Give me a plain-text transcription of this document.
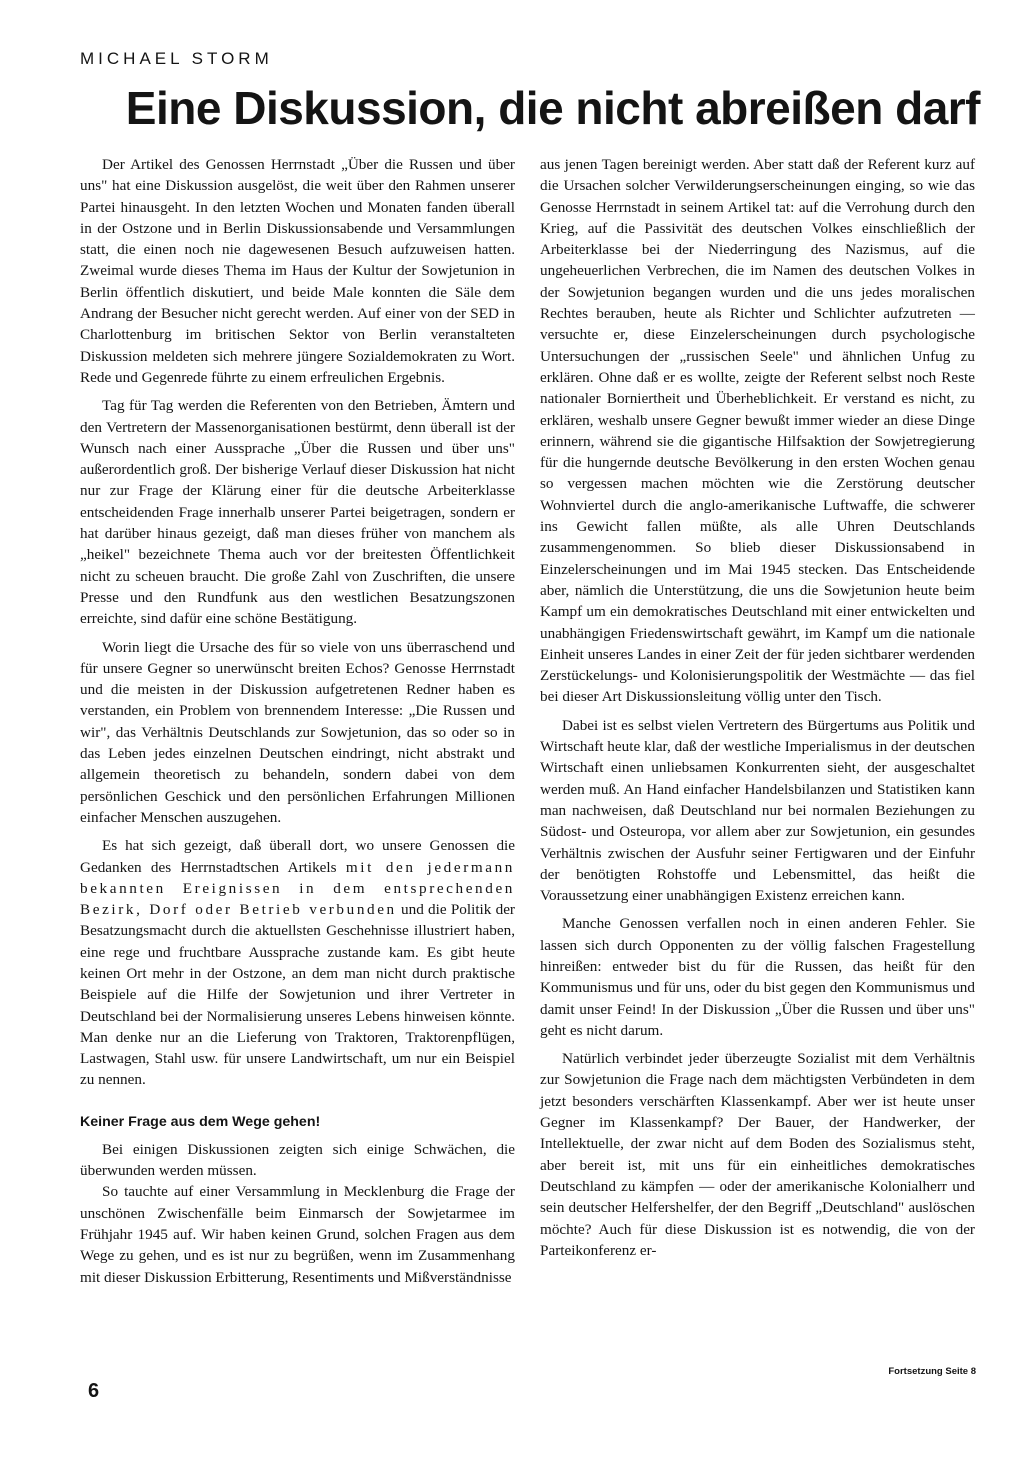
MICHAEL STORM
Eine Diskussion, die nicht abreißen darf

Der Artikel des Genossen Herrnstadt „Über die Russen und über uns" hat eine Diskussion ausgelöst, die weit über den Rahmen unserer Partei hinausgeht. In den letzten Wochen und Monaten fanden überall in der Ostzone und in Berlin Diskussionsabende und Versammlungen statt, die einen noch nie dagewesenen Besuch aufzuweisen hatten. Zweimal wurde dieses Thema im Haus der Kultur der Sowjetunion in Berlin öffentlich diskutiert, und beide Male konnten die Säle dem Andrang der Besucher nicht gerecht werden. Auf einer von der SED in Charlottenburg im britischen Sektor von Berlin veranstalteten Diskussion meldeten sich mehrere jüngere Sozialdemokraten zu Wort. Rede und Gegenrede führte zu einem erfreulichen Ergebnis.

Tag für Tag werden die Referenten von den Betrieben, Ämtern und den Vertretern der Massenorganisationen bestürmt, denn überall ist der Wunsch nach einer Aussprache „Über die Russen und über uns" außerordentlich groß. Der bisherige Verlauf dieser Diskussion hat nicht nur zur Frage der Klärung einer für die deutsche Arbeiterklasse entscheidenden Frage innerhalb unserer Partei beigetragen, sondern er hat darüber hinaus gezeigt, daß man dieses früher von manchem als „heikel" bezeichnete Thema auch vor der breitesten Öffentlichkeit nicht zu scheuen braucht. Die große Zahl von Zuschriften, die unsere Presse und den Rundfunk aus den westlichen Besatzungszonen erreichte, sind dafür eine schöne Bestätigung.

Worin liegt die Ursache des für so viele von uns überraschend und für unsere Gegner so unerwünscht breiten Echos? Genosse Herrnstadt und die meisten in der Diskussion aufgetretenen Redner haben es verstanden, ein Problem von brennendem Interesse: „Die Russen und wir", das Verhältnis Deutschlands zur Sowjetunion, das so oder so in das Leben jedes einzelnen Deutschen eindringt, nicht abstrakt und allgemein theoretisch zu behandeln, sondern dabei von dem persönlichen Geschick und den persönlichen Erfahrungen Millionen einfacher Menschen auszugehen.

Es hat sich gezeigt, daß überall dort, wo unsere Genossen die Gedanken des Herrnstadtschen Artikels mit den jedermann bekannten Ereignissen in dem entsprechenden Bezirk, Dorf oder Betrieb verbunden und die Politik der Besatzungsmacht durch die aktuellsten Geschehnisse illustriert haben, eine rege und fruchtbare Aussprache zustande kam. Es gibt heute keinen Ort mehr in der Ostzone, an dem man nicht durch praktische Beispiele auf die Hilfe der Sowjetunion und ihrer Vertreter in Deutschland bei der Normalisierung unseres Lebens hinweisen könnte. Man denke nur an die Lieferung von Traktoren, Traktorenpflügen, Lastwagen, Stahl usw. für unsere Landwirtschaft, um nur ein Beispiel zu nennen.

Keiner Frage aus dem Wege gehen!

Bei einigen Diskussionen zeigten sich einige Schwächen, die überwunden werden müssen.

So tauchte auf einer Versammlung in Mecklenburg die Frage der unschönen Zwischenfälle beim Einmarsch der Sowjetarmee im Frühjahr 1945 auf. Wir haben keinen Grund, solchen Fragen aus dem Wege zu gehen, und es ist nur zu begrüßen, wenn im Zusammenhang mit dieser Diskussion Erbitterung, Resentiments und Mißverständnisse

aus jenen Tagen bereinigt werden. Aber statt daß der Referent kurz auf die Ursachen solcher Verwilderungserscheinungen einging, so wie das Genosse Herrnstadt in seinem Artikel tat: auf die Verrohung durch den Krieg, auf die Passivität des deutschen Volkes einschließlich der Arbeiterklasse bei der Niederringung des Nazismus, auf die ungeheuerlichen Verbrechen, die im Namen des deutschen Volkes in der Sowjetunion begangen wurden und die uns jedes moralischen Rechtes berauben, heute als Richter und Schlichter aufzutreten — versuchte er, diese Einzelerscheinungen durch psychologische Untersuchungen der „russischen Seele" und ähnlichen Unfug zu erklären. Ohne daß er es wollte, zeigte der Referent selbst noch Reste nationaler Borniertheit und Überheblichkeit. Er verstand es nicht, zu erklären, weshalb unsere Gegner bewußt immer wieder an diese Dinge erinnern, während sie die gigantische Hilfsaktion der Sowjetregierung für die hungernde deutsche Bevölkerung in den ersten Wochen genau so vergessen machen möchten wie die Zerstörung deutscher Wohnviertel durch die anglo-amerikanische Luftwaffe, die schwerer ins Gewicht fallen müßte, als alle Uhren Deutschlands zusammengenommen. So blieb dieser Diskussionsabend in Einzelerscheinungen und im Mai 1945 stecken. Das Entscheidende aber, nämlich die Unterstützung, die uns die Sowjetunion heute beim Kampf um ein demokratisches Deutschland mit einer entwickelten und unabhängigen Friedenswirtschaft gewährt, im Kampf um die nationale Einheit unseres Landes in einer Zeit der für jeden sichtbarer werdenden Zerstückelungs- und Kolonisierungspolitik der Westmächte — das fiel bei dieser Art Diskussionsleitung völlig unter den Tisch.

Dabei ist es selbst vielen Vertretern des Bürgertums aus Politik und Wirtschaft heute klar, daß der westliche Imperialismus in der deutschen Wirtschaft einen unliebsamen Konkurrenten sieht, der ausgeschaltet werden muß. An Hand einfacher Handelsbilanzen und Statistiken kann man nachweisen, daß Deutschland nur bei normalen Beziehungen zu Südost- und Osteuropa, vor allem aber zur Sowjetunion, ein gesundes Verhältnis zwischen der Ausfuhr seiner Fertigwaren und der Einfuhr der benötigten Rohstoffe und Lebensmittel, das heißt die Voraussetzung einer unabhängigen Existenz erreichen kann.

Manche Genossen verfallen noch in einen anderen Fehler. Sie lassen sich durch Opponenten zu der völlig falschen Fragestellung hinreißen: entweder bist du für die Russen, das heißt für den Kommunismus und für uns, oder du bist gegen den Kommunismus und damit unser Feind! In der Diskussion „Über die Russen und über uns" geht es nicht darum.

Natürlich verbindet jeder überzeugte Sozialist mit dem Verhältnis zur Sowjetunion die Frage nach dem mächtigsten Verbündeten in dem jetzt besonders verschärften Klassenkampf. Aber wer ist heute unser Gegner im Klassenkampf? Der Bauer, der Handwerker, der Intellektuelle, der zwar nicht auf dem Boden des Sozialismus steht, aber bereit ist, mit uns für ein einheitliches demokratisches Deutschland zu kämpfen — oder der amerikanische Kolonialherr und sein deutscher Helfershelfer, der den Begriff „Deutschland" auslöschen möchte? Auch für diese Diskussion ist es notwendig, die von der Parteikonferenz er-

6
Fortsetzung Seite 8
